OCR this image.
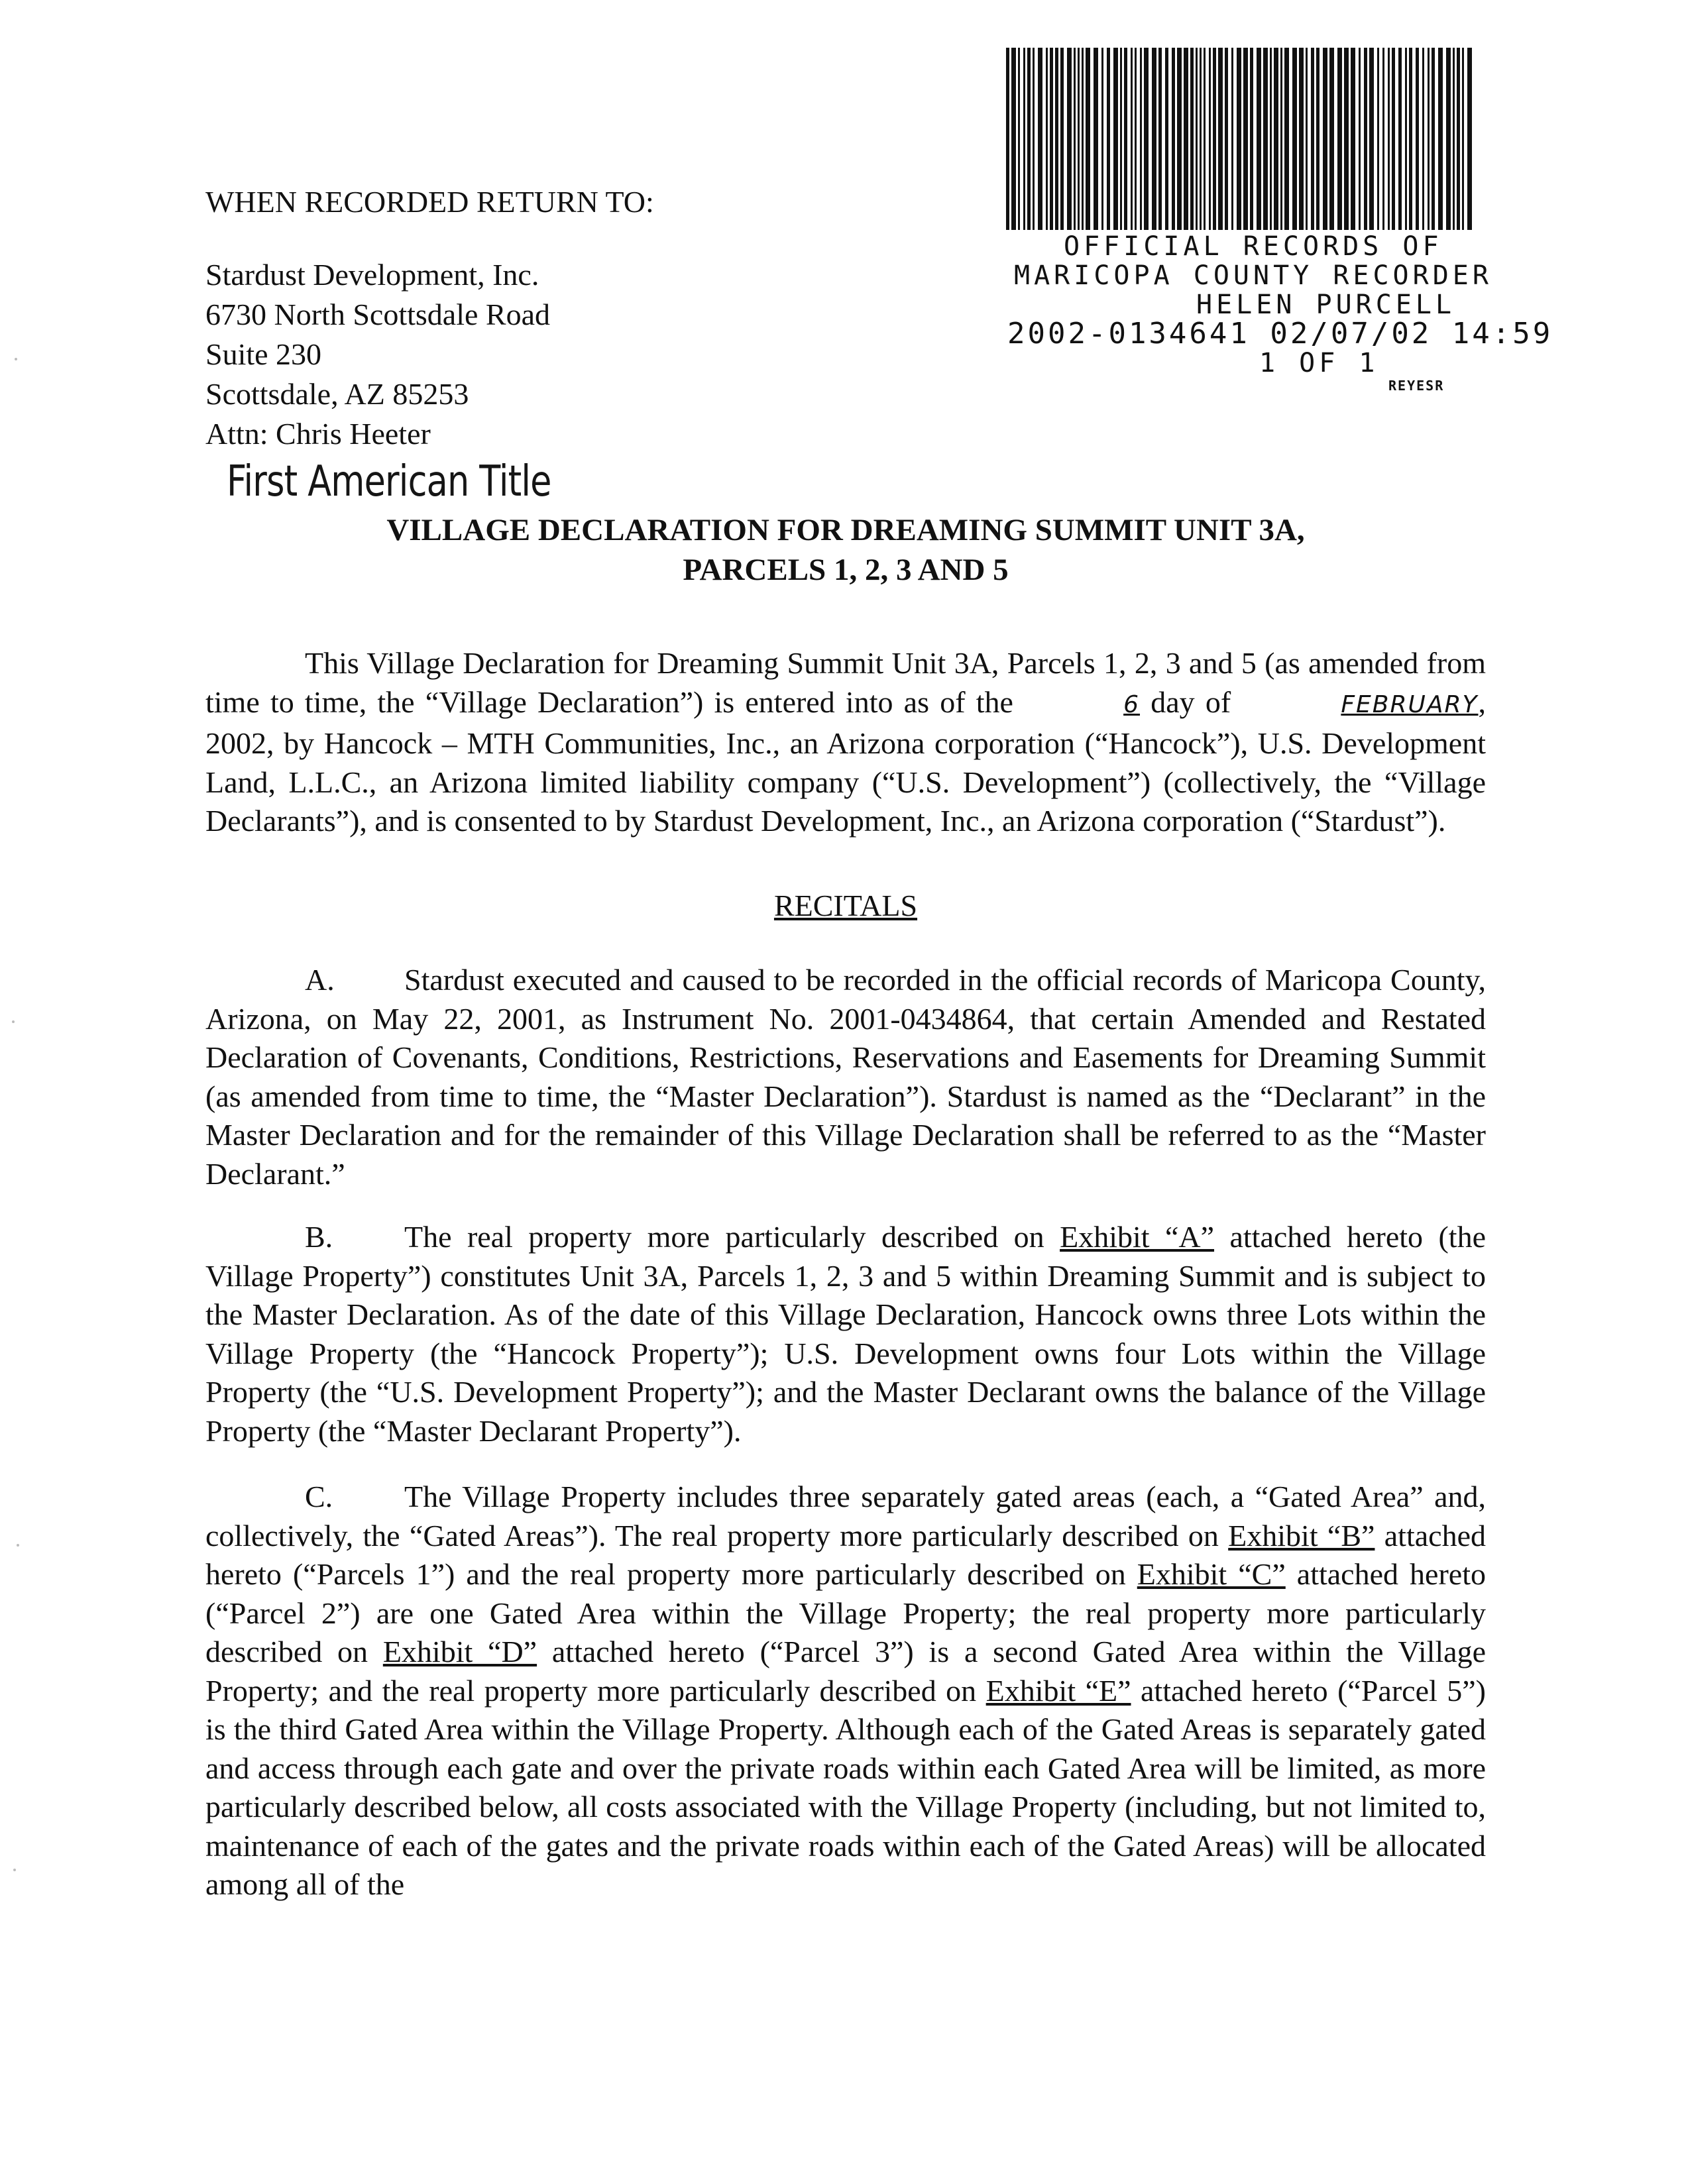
WHEN RECORDED RETURN TO:
Stardust Development, Inc.
6730 North Scottsdale Road
Suite 230
Scottsdale, AZ 85253
Attn: Chris Heeter
First American Title
OFFICIAL RECORDS OF
MARICOPA COUNTY RECORDER
HELEN PURCELL
2002-0134641 02/07/02 14:59
1 OF 1
REYESR
VILLAGE DECLARATION FOR DREAMING SUMMIT UNIT 3A,
PARCELS 1, 2, 3 AND 5
This Village Declaration for Dreaming Summit Unit 3A, Parcels 1, 2, 3 and 5 (as amended from time to time, the “Village Declaration”) is entered into as of the	6 day of	FEBRUARY, 2002, by Hancock – MTH Communities, Inc., an Arizona corporation (“Hancock”), U.S. Development Land, L.L.C., an Arizona limited liability company (“U.S. Development”) (collectively, the “Village Declarants”), and is consented to by Stardust Development, Inc., an Arizona corporation (“Stardust”).
RECITALS
A. Stardust executed and caused to be recorded in the official records of Maricopa County, Arizona, on May 22, 2001, as Instrument No. 2001-0434864, that certain Amended and Restated Declaration of Covenants, Conditions, Restrictions, Reservations and Easements for Dreaming Summit (as amended from time to time, the “Master Declaration”). Stardust is named as the “Declarant” in the Master Declaration and for the remainder of this Village Declaration shall be referred to as the “Master Declarant.”
B. The real property more particularly described on Exhibit “A” attached hereto (the Village Property”) constitutes Unit 3A, Parcels 1, 2, 3 and 5 within Dreaming Summit and is subject to the Master Declaration. As of the date of this Village Declaration, Hancock owns three Lots within the Village Property (the “Hancock Property”); U.S. Development owns four Lots within the Village Property (the “U.S. Development Property”); and the Master Declarant owns the balance of the Village Property (the “Master Declarant Property”).
C. The Village Property includes three separately gated areas (each, a “Gated Area” and, collectively, the “Gated Areas”). The real property more particularly described on Exhibit “B” attached hereto (“Parcels 1”) and the real property more particularly described on Exhibit “C” attached hereto (“Parcel 2”) are one Gated Area within the Village Property; the real property more particularly described on Exhibit “D” attached hereto (“Parcel 3”) is a second Gated Area within the Village Property; and the real property more particularly described on Exhibit “E” attached hereto (“Parcel 5”) is the third Gated Area within the Village Property. Although each of the Gated Areas is separately gated and access through each gate and over the private roads within each Gated Area will be limited, as more particularly described below, all costs associated with the Village Property (including, but not limited to, maintenance of each of the gates and the private roads within each of the Gated Areas) will be allocated among all of the
